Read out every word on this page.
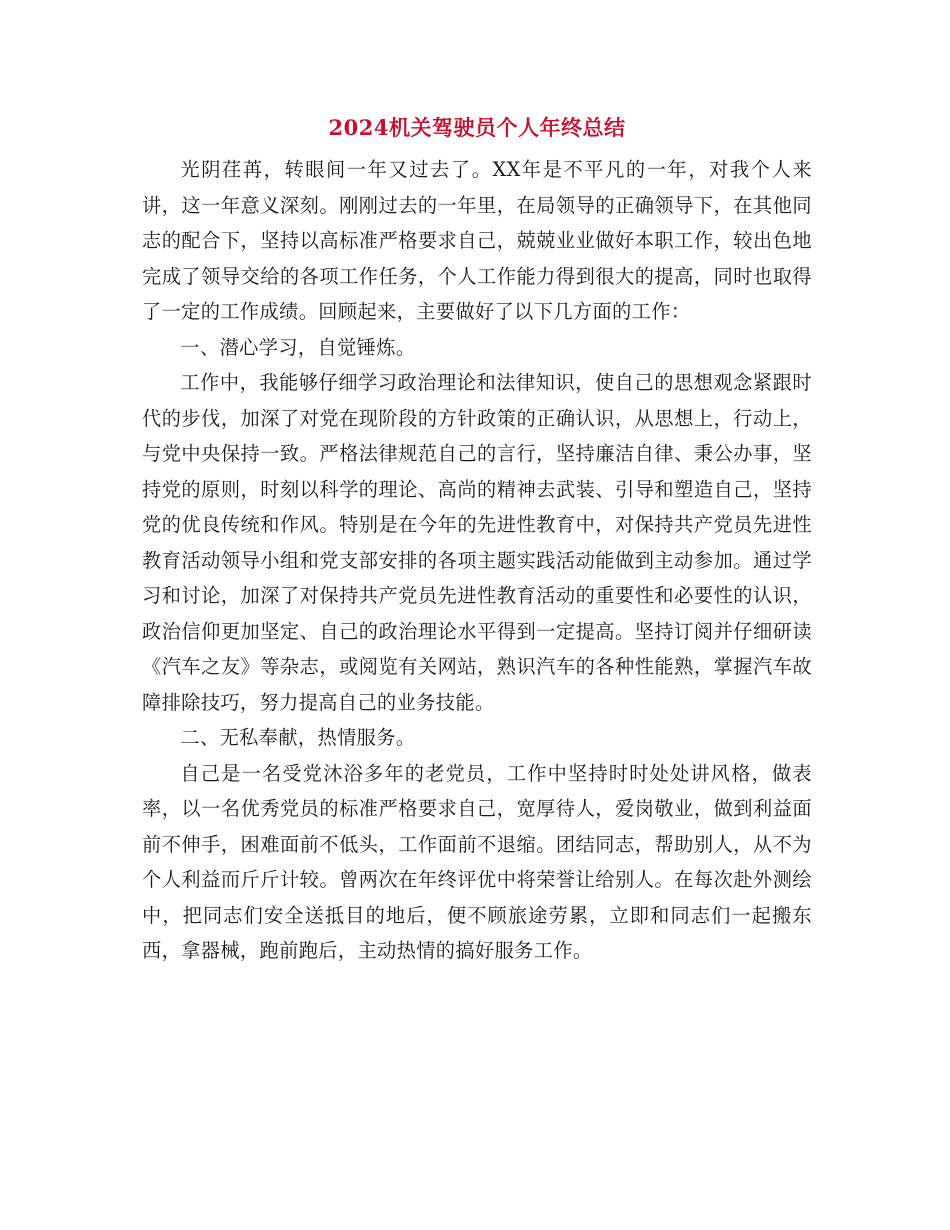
2024机关驾驶员个人年终总结

光阴荏苒，转眼间一年又过去了。XX年是不平凡的一年，对我个人来讲，这一年意义深刻。刚刚过去的一年里，在局领导的正确领导下，在其他同志的配合下，坚持以高标准严格要求自己，兢兢业业做好本职工作，较出色地完成了领导交给的各项工作任务，个人工作能力得到很大的提高，同时也取得了一定的工作成绩。回顾起来，主要做好了以下几方面的工作：

一、潜心学习，自觉锤炼。

工作中，我能够仔细学习政治理论和法律知识，使自己的思想观念紧跟时代的步伐，加深了对党在现阶段的方针政策的正确认识，从思想上，行动上，与党中央保持一致。严格法律规范自己的言行，坚持廉洁自律、秉公办事，坚持党的原则，时刻以科学的理论、高尚的精神去武装、引导和塑造自己，坚持党的优良传统和作风。特别是在今年的先进性教育中，对保持共产党员先进性教育活动领导小组和党支部安排的各项主题实践活动能做到主动参加。通过学习和讨论，加深了对保持共产党员先进性教育活动的重要性和必要性的认识，政治信仰更加坚定、自己的政治理论水平得到一定提高。坚持订阅并仔细研读《汽车之友》等杂志，或阅览有关网站，熟识汽车的各种性能熟，掌握汽车故障排除技巧，努力提高自己的业务技能。

二、无私奉献，热情服务。

自己是一名受党沐浴多年的老党员，工作中坚持时时处处讲风格，做表率，以一名优秀党员的标准严格要求自己，宽厚待人，爱岗敬业，做到利益面前不伸手，困难面前不低头，工作面前不退缩。团结同志，帮助别人，从不为个人利益而斤斤计较。曾两次在年终评优中将荣誉让给别人。在每次赴外测绘中，把同志们安全送抵目的地后，便不顾旅途劳累，立即和同志们一起搬东西，拿器械，跑前跑后，主动热情的搞好服务工作。
